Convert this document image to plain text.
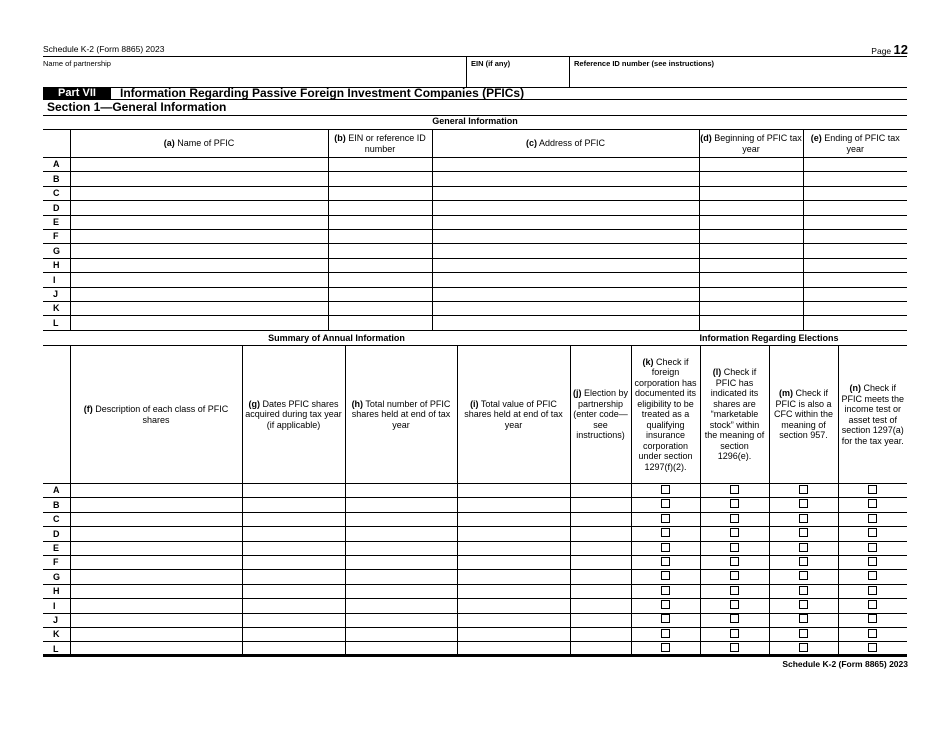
Schedule K-2 (Form 8865) 2023	Page 12
Name of partnership	EIN (if any)	Reference ID number (see instructions)
Part VII	Information Regarding Passive Foreign Investment Companies (PFICs)
Section 1—General Information
General Information
	(a) Name of PFIC	(b) EIN or reference ID number	(c) Address of PFIC	(d) Beginning of PFIC tax year	(e) Ending of PFIC tax year
A					
B					
C					
D					
E					
F					
G					
H					
I					
J					
K					
L					
Summary of Annual Information	Information Regarding Elections
	(f) Description of each class of PFIC shares	(g) Dates PFIC shares acquired during tax year (if applicable)	(h) Total number of PFIC shares held at end of tax year	(i) Total value of PFIC shares held at end of tax year	(j) Election by partnership (enter code—see instructions)	(k) Check if foreign corporation has documented its eligibility to be treated as a qualifying insurance corporation under section 1297(f)(2).	(l) Check if PFIC has indicated its shares are “marketable stock” within the meaning of section 1296(e).	(m) Check if PFIC is also a CFC within the meaning of section 957.	(n) Check if PFIC meets the income test or asset test of section 1297(a) for the tax year.
A									
B									
C									
D									
E									
F									
G									
H									
I									
J									
K									
L									
Schedule K-2 (Form 8865) 2023
